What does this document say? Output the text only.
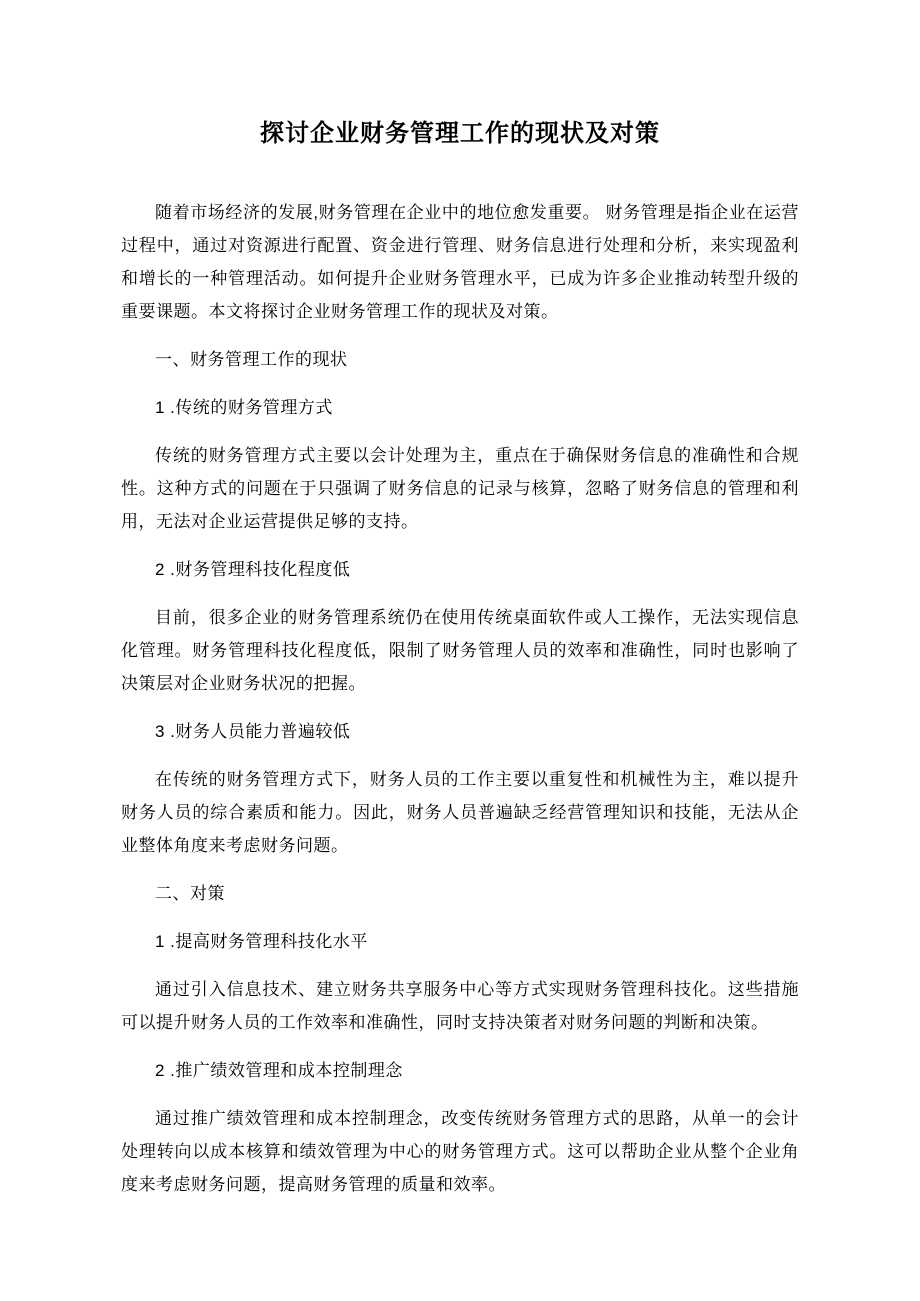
探讨企业财务管理工作的现状及对策

随着市场经济的发展,财务管理在企业中的地位愈发重要。 财务管理是指企业在运营过程中，通过对资源进行配置、资金进行管理、财务信息进行处理和分析，来实现盈利和增长的一种管理活动。如何提升企业财务管理水平，已成为许多企业推动转型升级的重要课题。本文将探讨企业财务管理工作的现状及对策。

一、财务管理工作的现状

1 .传统的财务管理方式

传统的财务管理方式主要以会计处理为主，重点在于确保财务信息的准确性和合规性。这种方式的问题在于只强调了财务信息的记录与核算，忽略了财务信息的管理和利用，无法对企业运营提供足够的支持。

2 .财务管理科技化程度低

目前，很多企业的财务管理系统仍在使用传统桌面软件或人工操作，无法实现信息化管理。财务管理科技化程度低，限制了财务管理人员的效率和准确性，同时也影响了决策层对企业财务状况的把握。

3 .财务人员能力普遍较低

在传统的财务管理方式下，财务人员的工作主要以重复性和机械性为主，难以提升财务人员的综合素质和能力。因此，财务人员普遍缺乏经营管理知识和技能，无法从企业整体角度来考虑财务问题。

二、对策

1 .提高财务管理科技化水平

通过引入信息技术、建立财务共享服务中心等方式实现财务管理科技化。这些措施可以提升财务人员的工作效率和准确性，同时支持决策者对财务问题的判断和决策。

2 .推广绩效管理和成本控制理念

通过推广绩效管理和成本控制理念，改变传统财务管理方式的思路，从单一的会计处理转向以成本核算和绩效管理为中心的财务管理方式。这可以帮助企业从整个企业角度来考虑财务问题，提高财务管理的质量和效率。
